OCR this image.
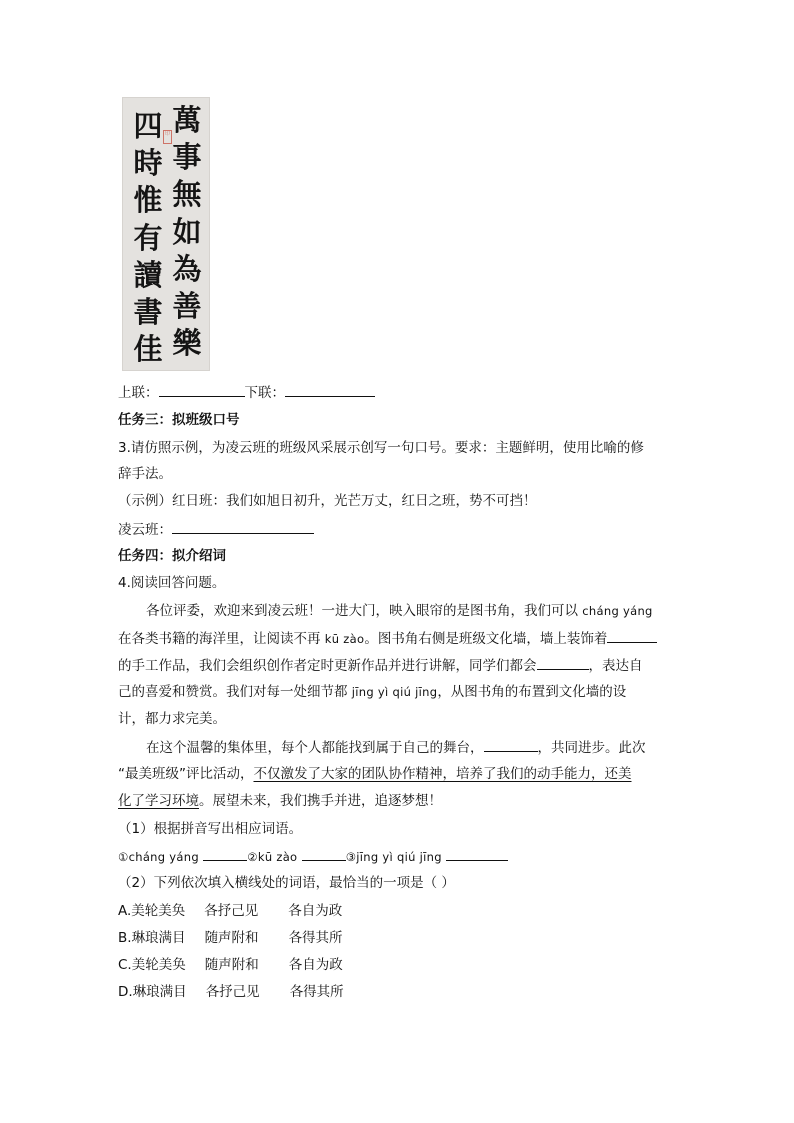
萬
事
無
如
為
善
樂
四
時
惟
有
讀
書
佳
印
上联：	下联：
任务三：拟班级口号
3.请仿照示例，为凌云班的班级风采展示创写一句口号。要求：主题鲜明，使用比喻的修
辞手法。
（示例）红日班：我们如旭日初升，光芒万丈，红日之班，势不可挡！
凌云班：
任务四：拟介绍词
4.阅读回答问题。
各位评委，欢迎来到凌云班！一进大门，映入眼帘的是图书角，我们可以 cháng yáng
在各类书籍的海洋里，让阅读不再 kū zào。图书角右侧是班级文化墙，墙上装饰着
的手工作品，我们会组织创作者定时更新作品并进行讲解，同学们都会	，表达自
己的喜爱和赞赏。我们对每一处细节都 jīng yì qiú jīng，从图书角的布置到文化墙的设
计，都力求完美。
在这个温馨的集体里，每个人都能找到属于自己的舞台，	，共同进步。此次
“最美班级”评比活动，不仅激发了大家的团队协作精神，培养了我们的动手能力，还美
化了学习环境。展望未来，我们携手并进，追逐梦想！
（1）根据拼音写出相应词语。
①cháng yáng	②kū zào	③jīng yì qiú jīng
（2）下列依次填入横线处的词语，最恰当的一项是（ ）
A.美轮美奂 各抒己见 各自为政
B.琳琅满目 随声附和 各得其所
C.美轮美奂 随声附和 各自为政
D.琳琅满目 各抒己见 各得其所
